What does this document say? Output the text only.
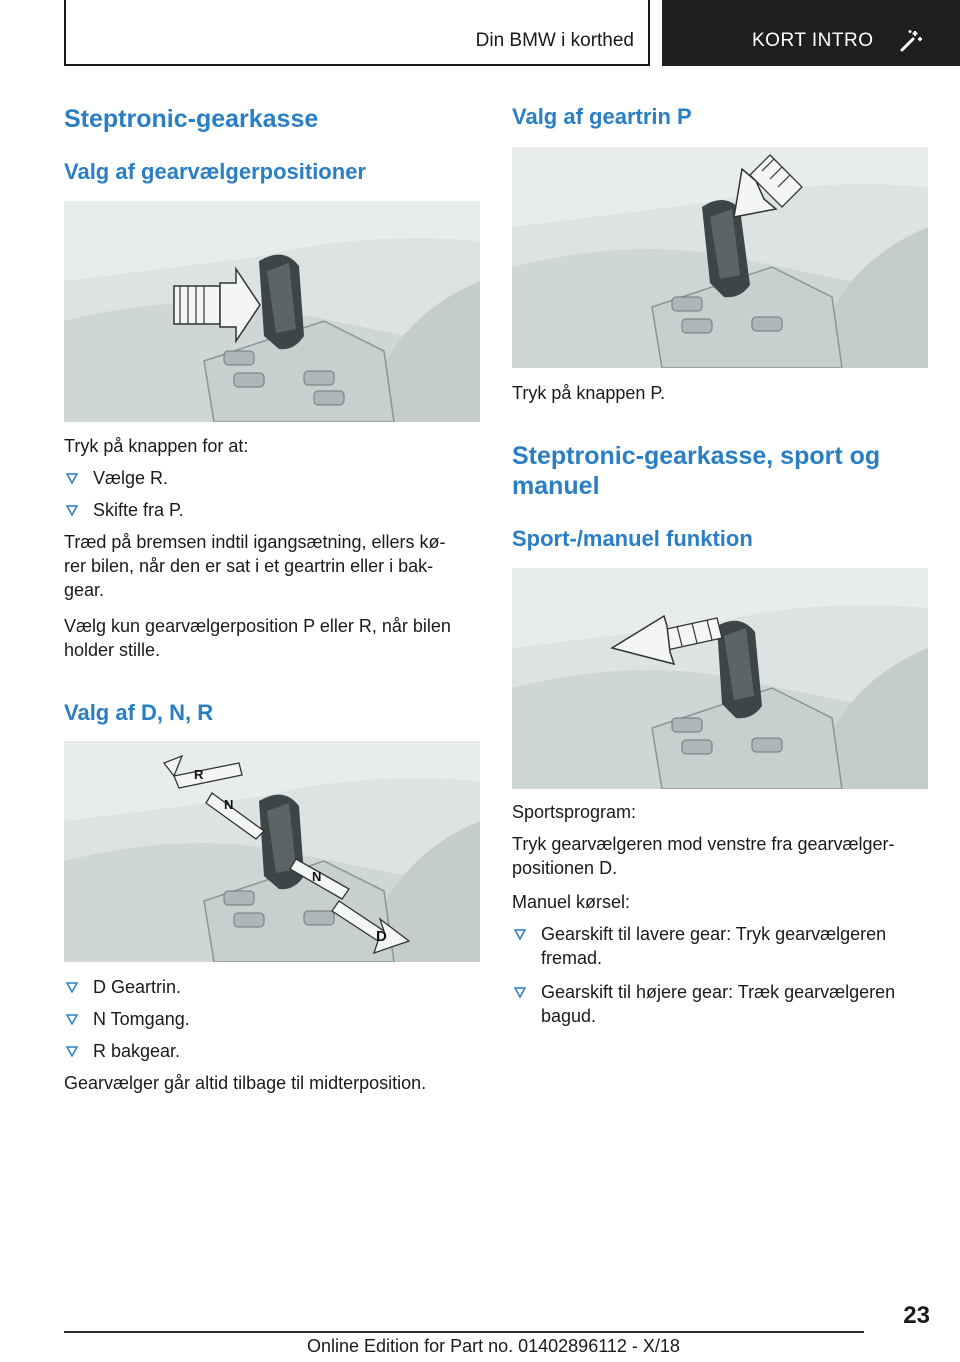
Din BMW i korthed	KORT INTRO
Steptronic-gearkasse
Valg af gearvælgerpositioner
Tryk på knappen for at:
Vælge R.
Skifte fra P.
Træd på bremsen indtil igangsætning, ellers kø-
rer bilen, når den er sat i et geartrin eller i bak-
gear.
Vælg kun gearvælgerposition P eller R, når bilen
holder stille.
Valg af D, N, R
R
N
N
D
D Geartrin.
N Tomgang.
R bakgear.
Gearvælger går altid tilbage til midterposition.
Valg af geartrin P
Tryk på knappen P.
Steptronic-gearkasse, sport og
manuel
Sport-/manuel funktion
Sportsprogram:
Tryk gearvælgeren mod venstre fra gearvælger-
positionen D.
Manuel kørsel:
Gearskift til lavere gear: Tryk gearvælgeren
fremad.
Gearskift til højere gear: Træk gearvælgeren
bagud.
23
Online Edition for Part no. 01402896112 - X/18
